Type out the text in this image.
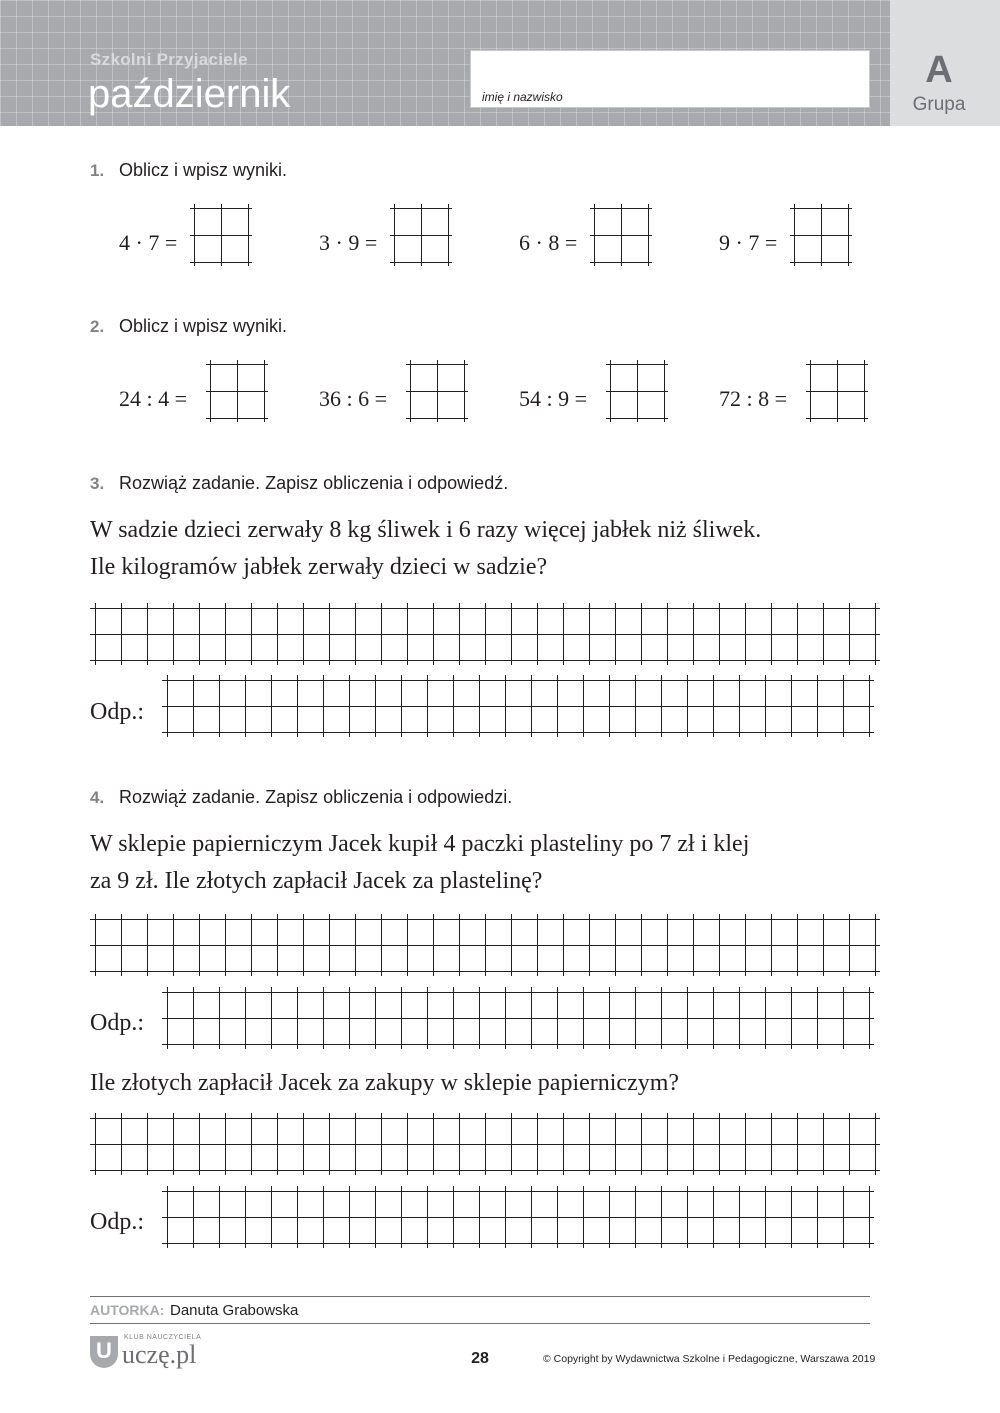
Szkolni Przyjaciele
październik	imię i nazwisko
A
Grupa
1. Oblicz i wpisz wyniki.
4 · 7 =	3 · 9 =	6 · 8 =	9 · 7 =
2. Oblicz i wpisz wyniki.
24 : 4 =	36 : 6 =	54 : 9 =	72 : 8 =
3. Rozwiąż zadanie. Zapisz obliczenia i odpowiedź.
W sadzie dzieci zerwały 8 kg śliwek i 6 razy więcej jabłek niż śliwek.
Ile kilogramów jabłek zerwały dzieci w sadzie?
Odp.:
4. Rozwiąż zadanie. Zapisz obliczenia i odpowiedzi.
W sklepie papierniczym Jacek kupił 4 paczki plasteliny po 7 zł i klej
za 9 zł. Ile złotych zapłacił Jacek za plastelinę?
Odp.:
Ile złotych zapłacił Jacek za zakupy w sklepie papierniczym?
Odp.:
AUTORKA: Danuta Grabowska
U
KLUB NAUCZYCIELA
uczę.pl	28	© Copyright by Wydawnictwa Szkolne i Pedagogiczne, Warszawa 2019
